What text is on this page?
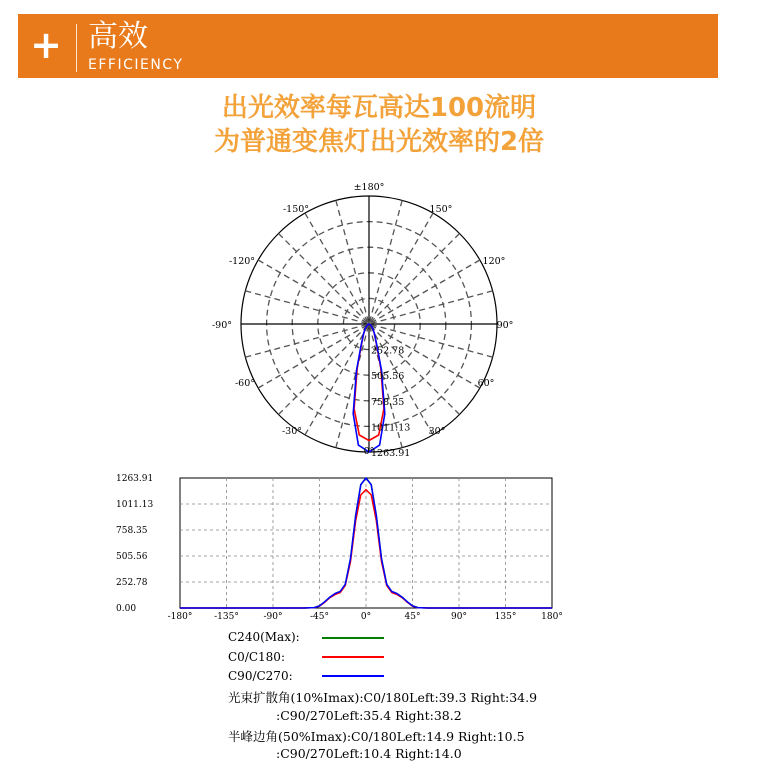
+ 高效
EFFICIENCY
出光效率每瓦高达100流明
为普通变焦灯出光效率的2倍
±180°
-150°	150°
-120°	120°
-90°	90°
-60°	60°
-30°	30°
0°
252.78
505.56
758.35
1011.13
1263.91
-180° -135°	-90°	-45°	0°	45°	90°	135°	180°
0.00
252.78
505.56
758.35
1011.13
1263.91
C240(Max):
C0/C180:
C90/C270:
光束扩散角(10%Imax):C0/180Left:39.3 Right:34.9
:C90/270Left:35.4 Right:38.2
半峰边角(50%Imax):C0/180Left:14.9 Right:10.5
:C90/270Left:10.4 Right:14.0
